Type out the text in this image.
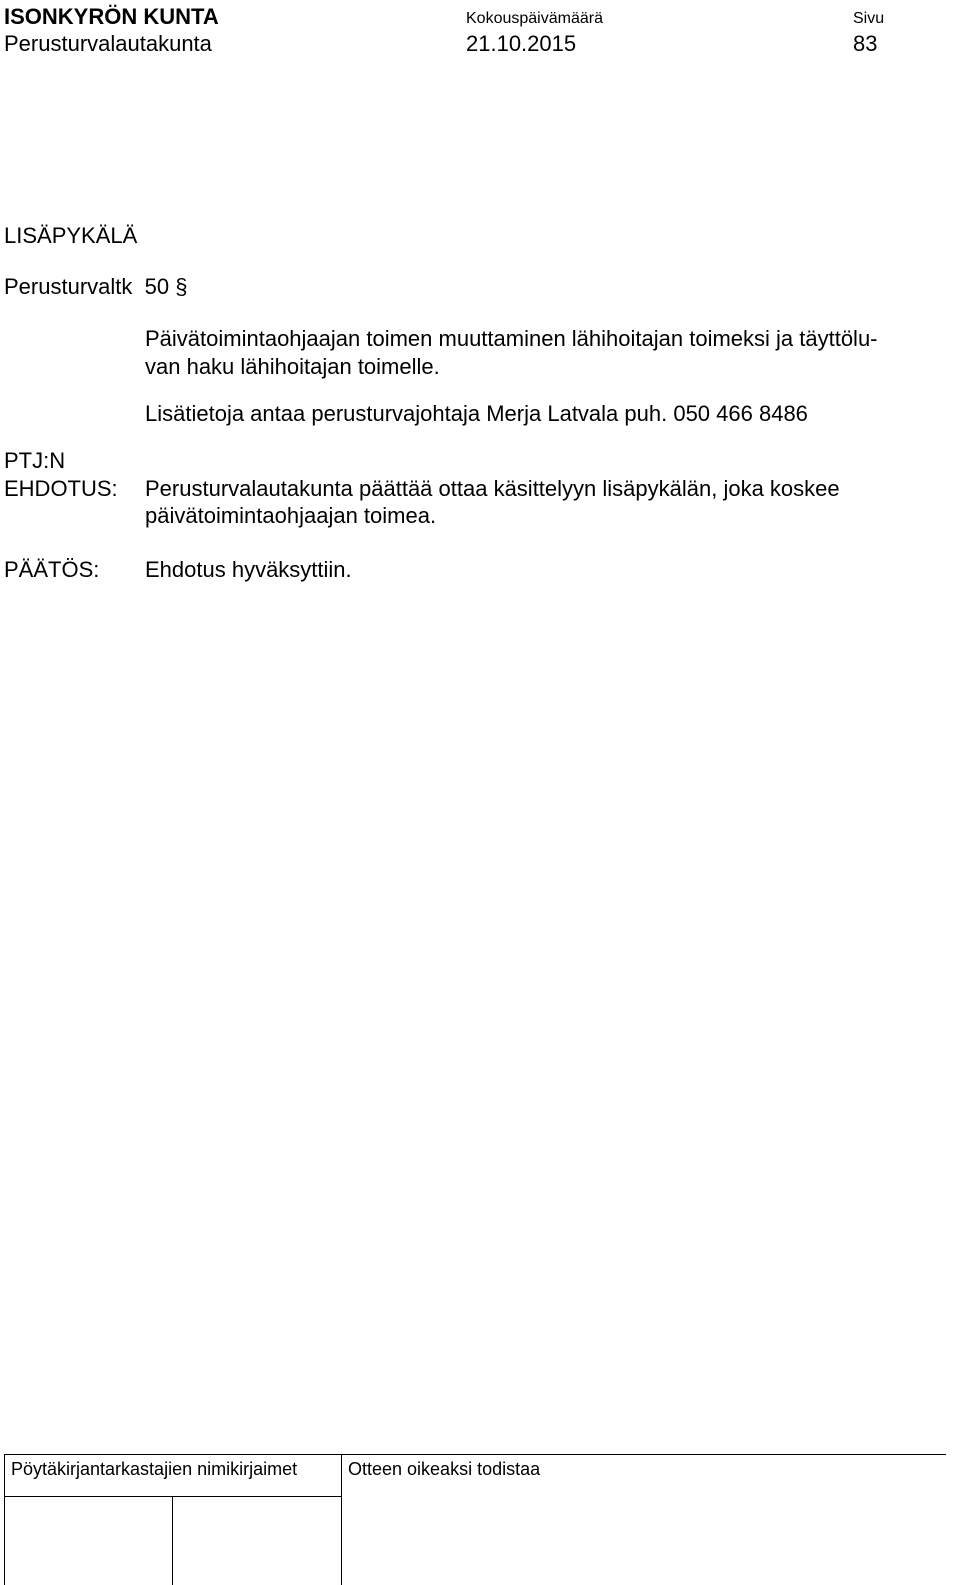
ISONKYRÖN KUNTA
Perusturvalautakunta
Kokouspäivämäärä
21.10.2015
Sivu
83
LISÄPYKÄLÄ
Perusturvaltk  50 §
Päivätoimintaohjaajan toimen muuttaminen lähihoitajan toimeksi ja täyttölu-
van haku lähihoitajan toimelle.
Lisätietoja antaa perusturvajohtaja Merja Latvala puh. 050 466 8486
PTJ:N
EHDOTUS: Perusturvalautakunta päättää ottaa käsittelyyn lisäpykälän, joka koskee
päivätoimintaohjaajan toimea.
PÄÄTÖS: Ehdotus hyväksyttiin.
Pöytäkirjantarkastajien nimikirjaimet	Otteen oikeaksi todistaa
